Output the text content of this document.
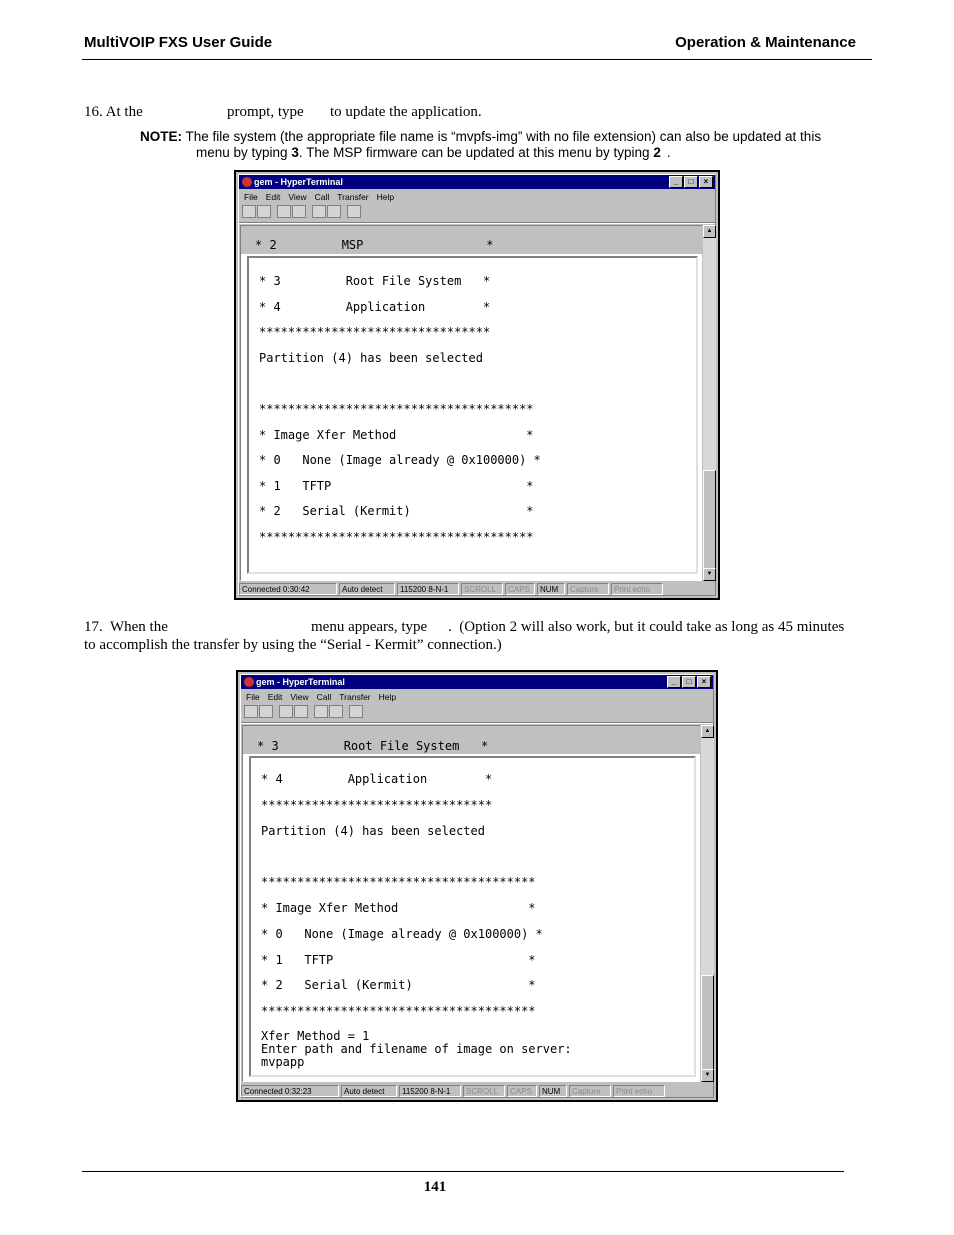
MultiVOIP FXS User Guide	Operation & Maintenance
16. At the	prompt, type to update the application.
NOTE: The file system (the appropriate file name is “mvpfs-img” with no file extension) can also be updated at this
menu by typing 3. The MSP firmware can be updated at this menu by typing 2 .
gem - HyperTerminal	_ □ ×
File Edit View Call Transfer Help
* 2         MSP                 *
* 3         Root File System   *
* 4         Application        *
********************************
Partition (4) has been selected
**************************************
* Image Xfer Method                  *
* 0   None (Image already @ 0x100000) *
* 1   TFTP                           *
* 2   Serial (Kermit)                *
**************************************
▲
▼
Connected 0:30:42	Auto detect	115200 8-N-1	SCROLL	CAPS	NUM	Capture	Print echo
17.  When the	menu appears, type .  (Option 2 will also work, but it could take as long as 45 minutes
to accomplish the transfer by using the “Serial - Kermit” connection.)
gem - HyperTerminal	_ □ ×
File Edit View Call Transfer Help
* 3         Root File System   *
* 4         Application        *
********************************
Partition (4) has been selected
**************************************
* Image Xfer Method                  *
* 0   None (Image already @ 0x100000) *
* 1   TFTP                           *
* 2   Serial (Kermit)                *
**************************************
Xfer Method = 1
Enter path and filename of image on server:
mvpapp
▲
▼
Connected 0:32:23	Auto detect	115200 8-N-1	SCROLL	CAPS	NUM	Capture	Print echo
141
